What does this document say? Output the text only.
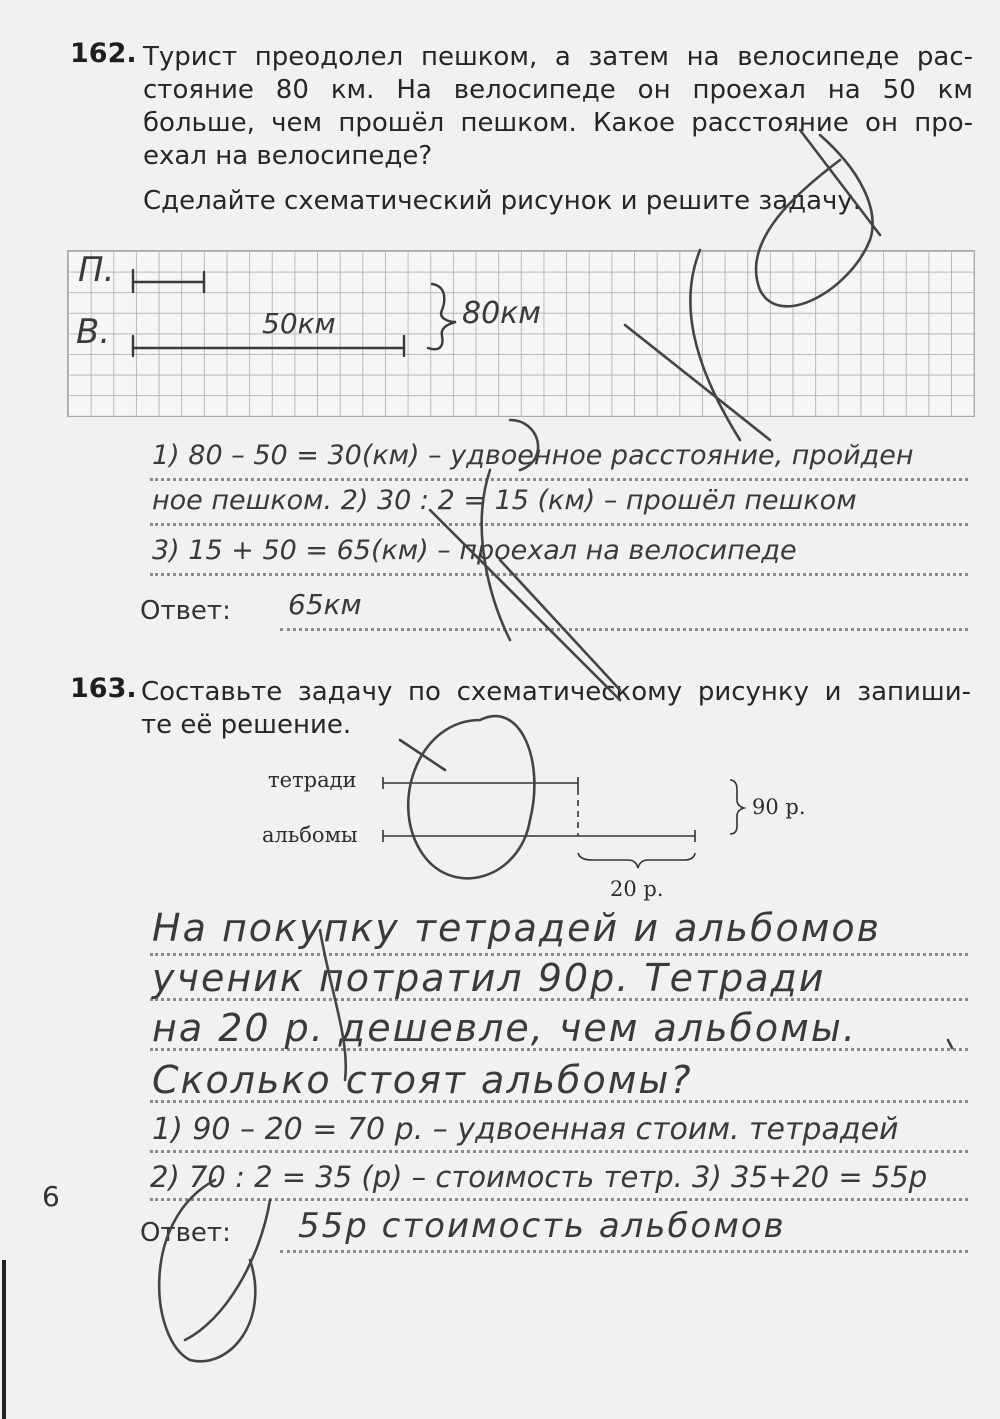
162. Турист преодолел пешком, а затем на велосипеде рас-
стояние 80 км. На велосипеде он проехал на 50 км
больше, чем прошёл пешком. Какое расстояние он про-
ехал на велосипеде?
Сделайте схематический рисунок и решите задачу.
П.
В.	50км	80км
1) 80 – 50 = 30(км) – удвоенное расстояние, пройден
ное пешком. 2) 30 : 2 = 15 (км) – прошёл пешком
3) 15 + 50 = 65(км) – проехал на велосипеде
Ответ: 65км
163. Составьте задачу по схематическому рисунку и запиши-
те её решение.
тетради
альбомы
90 р.
20 р.
На покупку тетрадей и альбомов
ученик потратил 90р. Тетради
на 20 р. дешевле, чем альбомы.
Сколько стоят альбомы?
1) 90 – 20 = 70 р. – удвоенная стоим. тетрадей
2) 70 : 2 = 35 (р) – стоимость тетр. 3) 35+20 = 55р
Ответ: 55р стоимость альбомов
6
